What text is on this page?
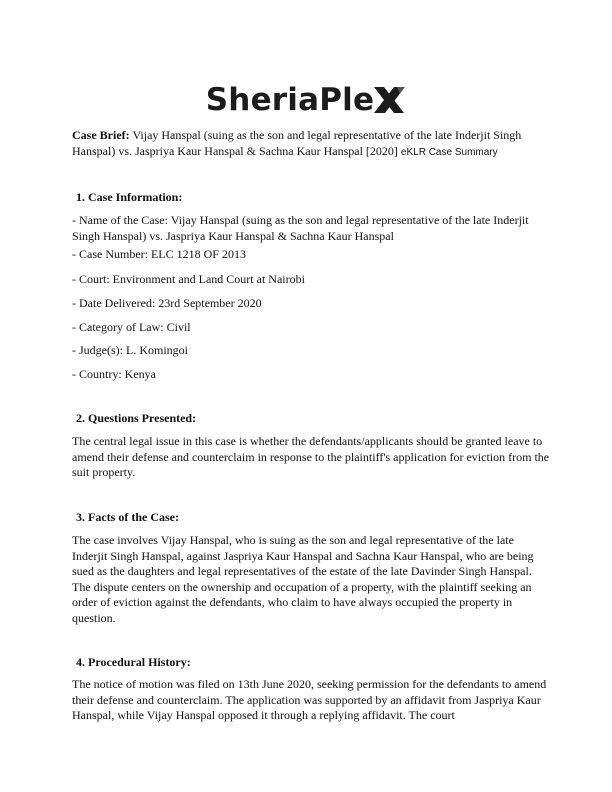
SheriaPle
Case Brief: Vijay Hanspal (suing as the son and legal representative of the late Inderjit Singh Hanspal) vs. Jaspriya Kaur Hanspal & Sachna Kaur Hanspal [2020] eKLR Case Summary
1. Case Information:
- Name of the Case: Vijay Hanspal (suing as the son and legal representative of the late Inderjit Singh Hanspal) vs. Jaspriya Kaur Hanspal & Sachna Kaur Hanspal
- Case Number: ELC 1218 OF 2013
- Court: Environment and Land Court at Nairobi
- Date Delivered: 23rd September 2020
- Category of Law: Civil
- Judge(s): L. Komingoi
- Country: Kenya
2. Questions Presented:
The central legal issue in this case is whether the defendants/applicants should be granted leave to amend their defense and counterclaim in response to the plaintiff's application for eviction from the suit property.
3. Facts of the Case:
The case involves Vijay Hanspal, who is suing as the son and legal representative of the late Inderjit Singh Hanspal, against Jaspriya Kaur Hanspal and Sachna Kaur Hanspal, who are being sued as the daughters and legal representatives of the estate of the late Davinder Singh Hanspal. The dispute centers on the ownership and occupation of a property, with the plaintiff seeking an order of eviction against the defendants, who claim to have always occupied the property in question.
4. Procedural History:
The notice of motion was filed on 13th June 2020, seeking permission for the defendants to amend their defense and counterclaim. The application was supported by an affidavit from Jaspriya Kaur Hanspal, while Vijay Hanspal opposed it through a replying affidavit. The court
